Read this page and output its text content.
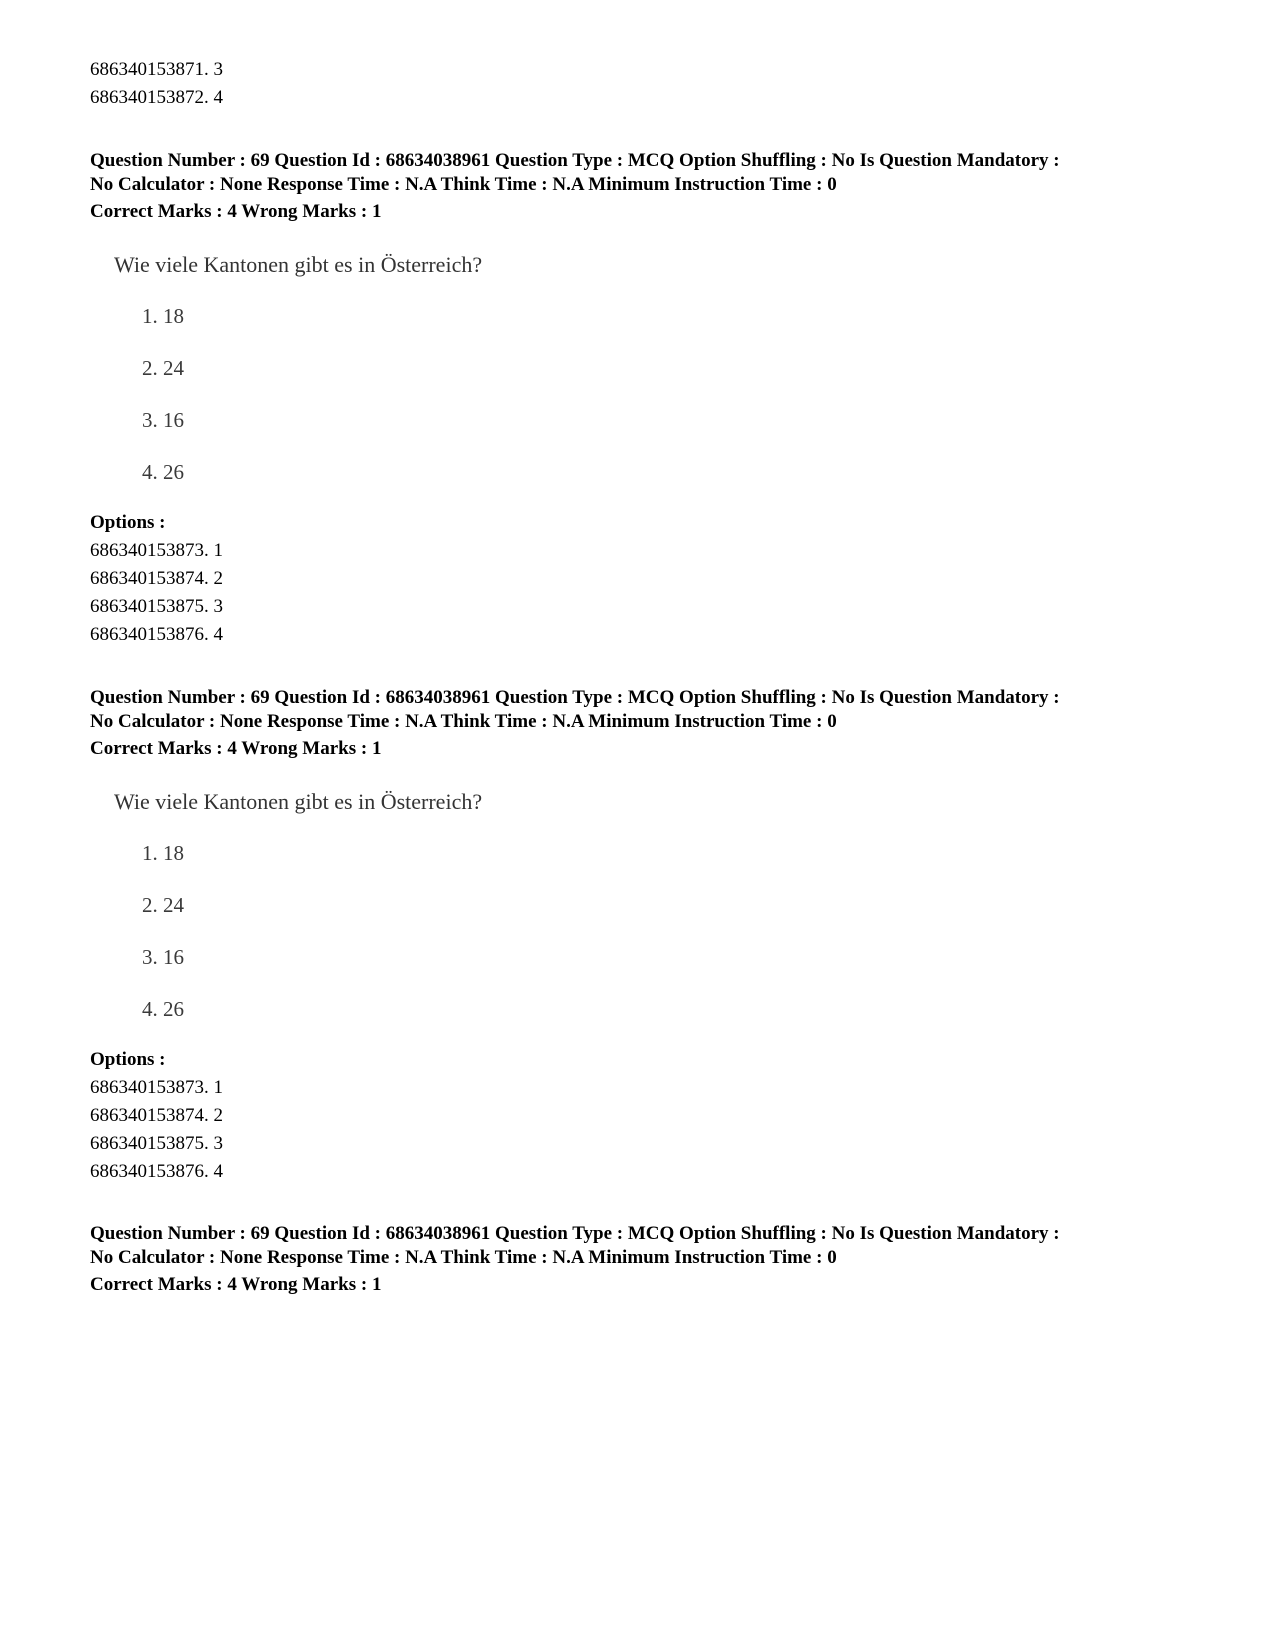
686340153871. 3
686340153872. 4
Question Number : 69 Question Id : 68634038961 Question Type : MCQ Option Shuffling : No Is Question Mandatory :
No Calculator : None Response Time : N.A Think Time : N.A Minimum Instruction Time : 0
Correct Marks : 4 Wrong Marks : 1
Wie viele Kantonen gibt es in Österreich?
1. 18
2. 24
3. 16
4. 26
Options :
686340153873. 1
686340153874. 2
686340153875. 3
686340153876. 4
Question Number : 69 Question Id : 68634038961 Question Type : MCQ Option Shuffling : No Is Question Mandatory :
No Calculator : None Response Time : N.A Think Time : N.A Minimum Instruction Time : 0
Correct Marks : 4 Wrong Marks : 1
Wie viele Kantonen gibt es in Österreich?
1. 18
2. 24
3. 16
4. 26
Options :
686340153873. 1
686340153874. 2
686340153875. 3
686340153876. 4
Question Number : 69 Question Id : 68634038961 Question Type : MCQ Option Shuffling : No Is Question Mandatory :
No Calculator : None Response Time : N.A Think Time : N.A Minimum Instruction Time : 0
Correct Marks : 4 Wrong Marks : 1
